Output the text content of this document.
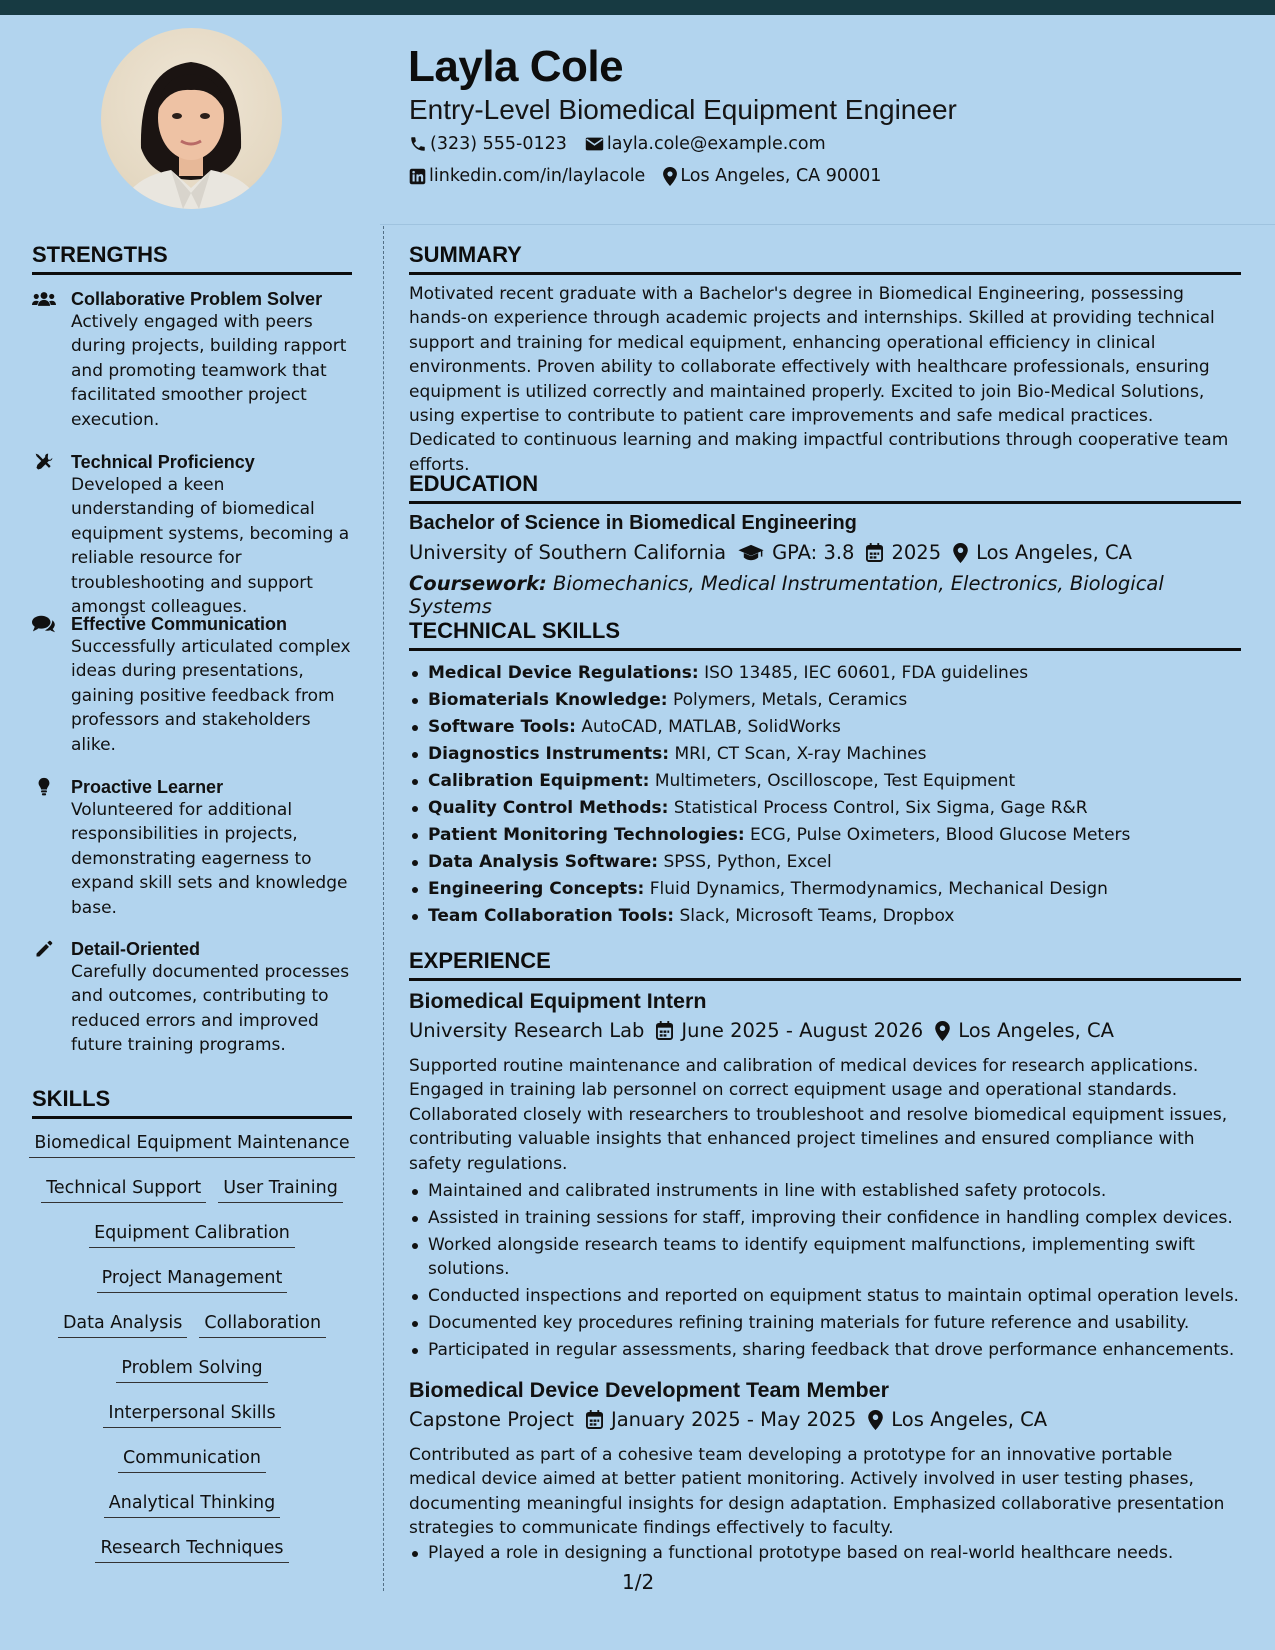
Layla Cole
Entry-Level Biomedical Equipment Engineer
(323) 555-0123 layla.cole@example.com
linkedin.com/in/laylacole Los Angeles, CA 90001
STRENGTHS
Collaborative Problem Solver
Actively engaged with peers during projects, building rapport and promoting teamwork that facilitated smoother project execution.
Technical Proficiency
Developed a keen understanding of biomedical equipment systems, becoming a reliable resource for troubleshooting and support amongst colleagues.
Effective Communication
Successfully articulated complex ideas during presentations, gaining positive feedback from professors and stakeholders alike.
Proactive Learner
Volunteered for additional responsibilities in projects, demonstrating eagerness to expand skill sets and knowledge base.
Detail-Oriented
Carefully documented processes and outcomes, contributing to reduced errors and improved future training programs.
SKILLS
Biomedical Equipment Maintenance
Technical Support User Training
Equipment Calibration
Project Management
Data Analysis Collaboration
Problem Solving
Interpersonal Skills
Communication
Analytical Thinking
Research Techniques
SUMMARY
Motivated recent graduate with a Bachelor's degree in Biomedical Engineering, possessing hands-on experience through academic projects and internships. Skilled at providing technical support and training for medical equipment, enhancing operational efficiency in clinical environments. Proven ability to collaborate effectively with healthcare professionals, ensuring equipment is utilized correctly and maintained properly. Excited to join Bio-Medical Solutions, using expertise to contribute to patient care improvements and safe medical practices. Dedicated to continuous learning and making impactful contributions through cooperative team efforts.
EDUCATION
Bachelor of Science in Biomedical Engineering
University of Southern California GPA: 3.8 2025 Los Angeles, CA
Coursework: Biomechanics, Medical Instrumentation, Electronics, Biological Systems
TECHNICAL SKILLS
Medical Device Regulations: ISO 13485, IEC 60601, FDA guidelines
Biomaterials Knowledge: Polymers, Metals, Ceramics
Software Tools: AutoCAD, MATLAB, SolidWorks
Diagnostics Instruments: MRI, CT Scan, X-ray Machines
Calibration Equipment: Multimeters, Oscilloscope, Test Equipment
Quality Control Methods: Statistical Process Control, Six Sigma, Gage R&R
Patient Monitoring Technologies: ECG, Pulse Oximeters, Blood Glucose Meters
Data Analysis Software: SPSS, Python, Excel
Engineering Concepts: Fluid Dynamics, Thermodynamics, Mechanical Design
Team Collaboration Tools: Slack, Microsoft Teams, Dropbox
EXPERIENCE
Biomedical Equipment Intern
University Research Lab June 2025 - August 2026 Los Angeles, CA
Supported routine maintenance and calibration of medical devices for research applications. Engaged in training lab personnel on correct equipment usage and operational standards. Collaborated closely with researchers to troubleshoot and resolve biomedical equipment issues, contributing valuable insights that enhanced project timelines and ensured compliance with safety regulations.
Maintained and calibrated instruments in line with established safety protocols.
Assisted in training sessions for staff, improving their confidence in handling complex devices.
Worked alongside research teams to identify equipment malfunctions, implementing swift solutions.
Conducted inspections and reported on equipment status to maintain optimal operation levels.
Documented key procedures refining training materials for future reference and usability.
Participated in regular assessments, sharing feedback that drove performance enhancements.
Biomedical Device Development Team Member
Capstone Project January 2025 - May 2025 Los Angeles, CA
Contributed as part of a cohesive team developing a prototype for an innovative portable medical device aimed at better patient monitoring. Actively involved in user testing phases, documenting meaningful insights for design adaptation. Emphasized collaborative presentation strategies to communicate findings effectively to faculty.
Played a role in designing a functional prototype based on real-world healthcare needs.
1/2
